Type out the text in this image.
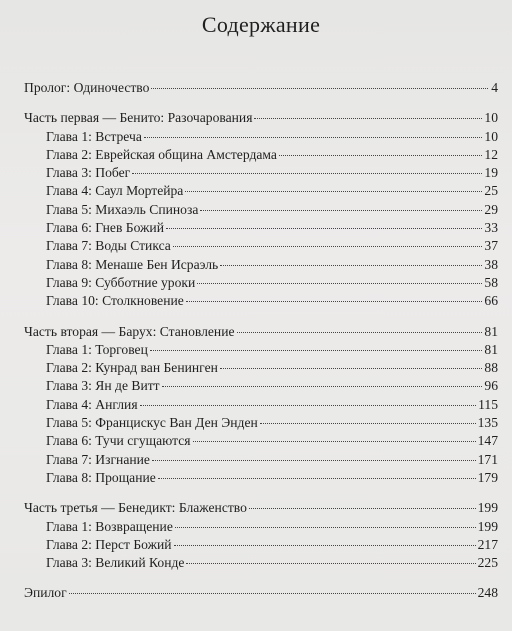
Содержание
Пролог: Одиночество	4
Часть первая — Бенито: Разочарования	10
Глава 1: Встреча	10
Глава 2: Еврейская община Амстердама	12
Глава 3: Побег	19
Глава 4: Саул Мортейра	25
Глава 5: Михаэль Спиноза	29
Глава 6: Гнев Божий	33
Глава 7: Воды Стикса	37
Глава 8: Менаше Бен Исраэль	38
Глава 9: Субботние уроки	58
Глава 10: Столкновение	66
Часть вторая — Барух: Становление	81
Глава 1: Торговец	81
Глава 2: Кунрад ван Бенинген	88
Глава 3: Ян де Витт	96
Глава 4: Англия	115
Глава 5: Францискус Ван Ден Энден	135
Глава 6: Тучи сгущаются	147
Глава 7: Изгнание	171
Глава 8: Прощание	179
Часть третья — Бенедикт: Блаженство	199
Глава 1: Возвращение	199
Глава 2: Перст Божий	217
Глава 3: Великий Конде	225
Эпилог	248
